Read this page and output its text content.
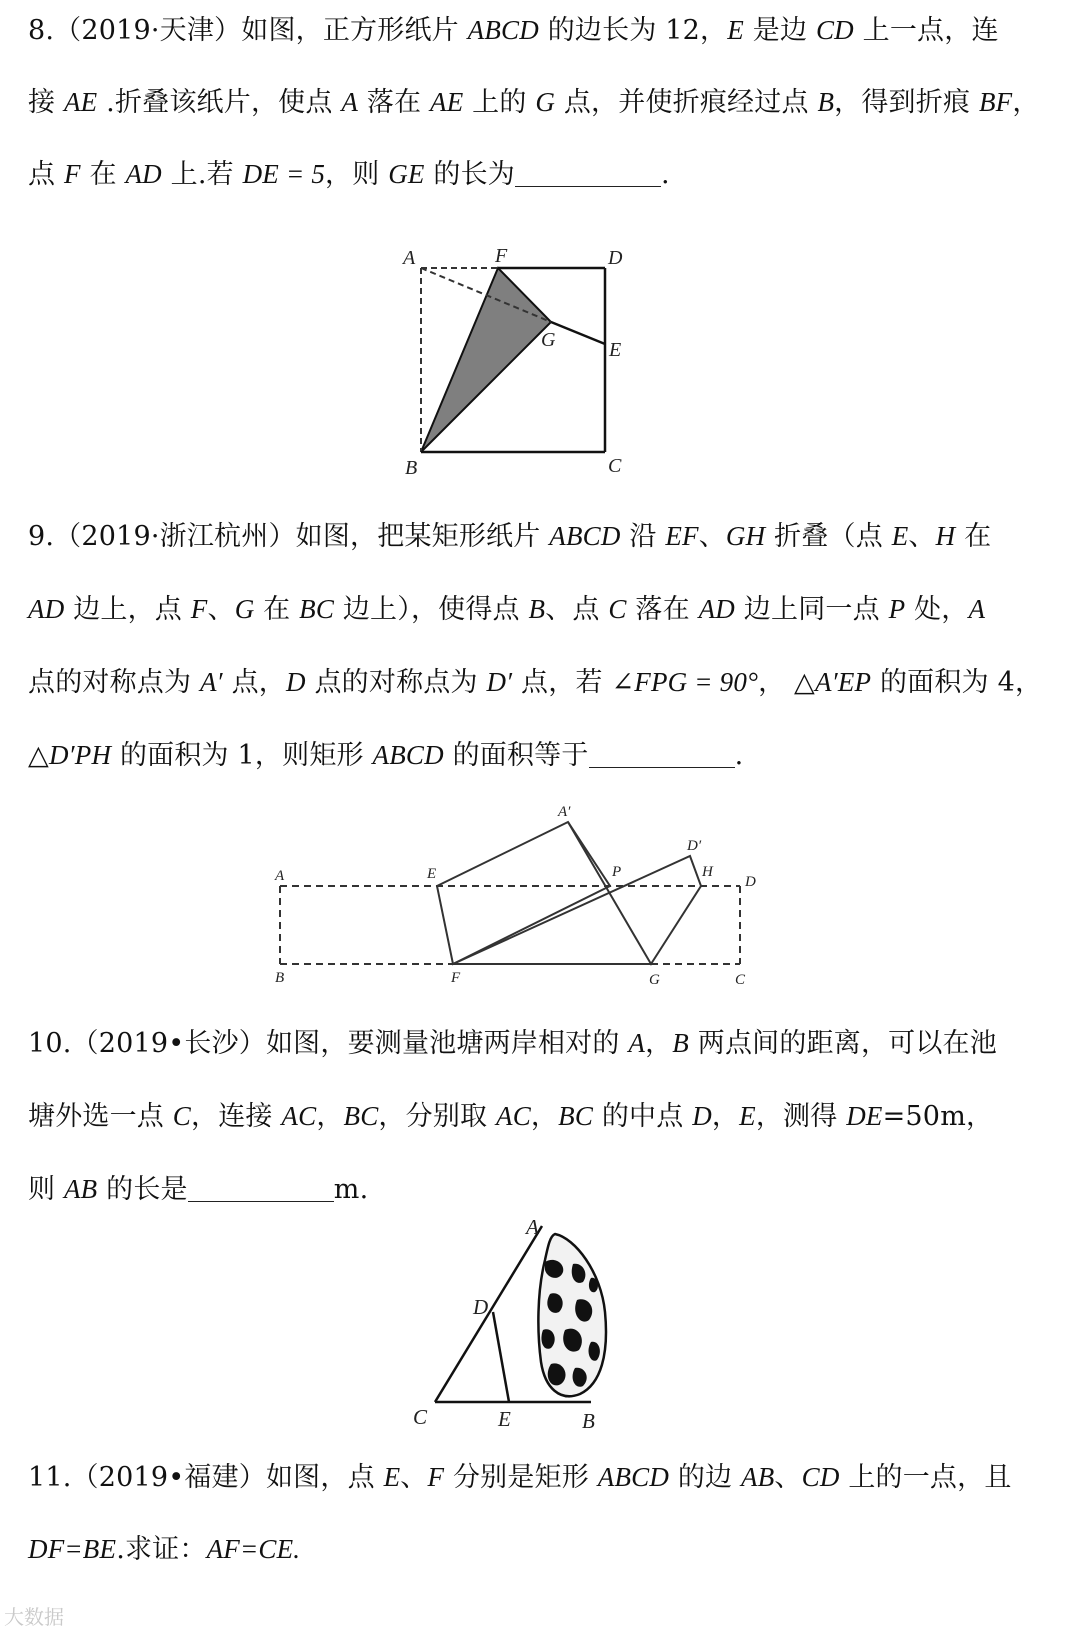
8.（2019·天津）如图，正方形纸片 ABCD 的边长为 12，E 是边 CD 上一点，连
接 AE .折叠该纸片，使点 A 落在 AE 上的 G 点，并使折痕经过点 B，得到折痕 BF，
点 F 在 AD 上.若 DE = 5，则 GE 的长为	.
A	F	D
G	E
B	C
9.（2019·浙江杭州）如图，把某矩形纸片 ABCD 沿 EF、GH 折叠（点 E、H 在
AD 边上，点 F、G 在 BC 边上），使得点 B、点 C 落在 AD 边上同一点 P 处，A
点的对称点为 A′ 点，D 点的对称点为 D′ 点，若 ∠FPG = 90°， △A′EP 的面积为 4，
△D′PH 的面积为 1，则矩形 ABCD 的面积等于	.
A	E
A′
P
D′
H
D
B	F	G	C
10.（2019•长沙）如图，要测量池塘两岸相对的 A，B 两点间的距离，可以在池
塘外选一点 C，连接 AC，BC，分别取 AC，BC 的中点 D，E，测得 DE=50m，
则 AB 的长是	m.
A
D
C	E	B
11.（2019•福建）如图，点 E、F 分别是矩形 ABCD 的边 AB、CD 上的一点，且
DF=BE.求证：AF=CE.
大数据
